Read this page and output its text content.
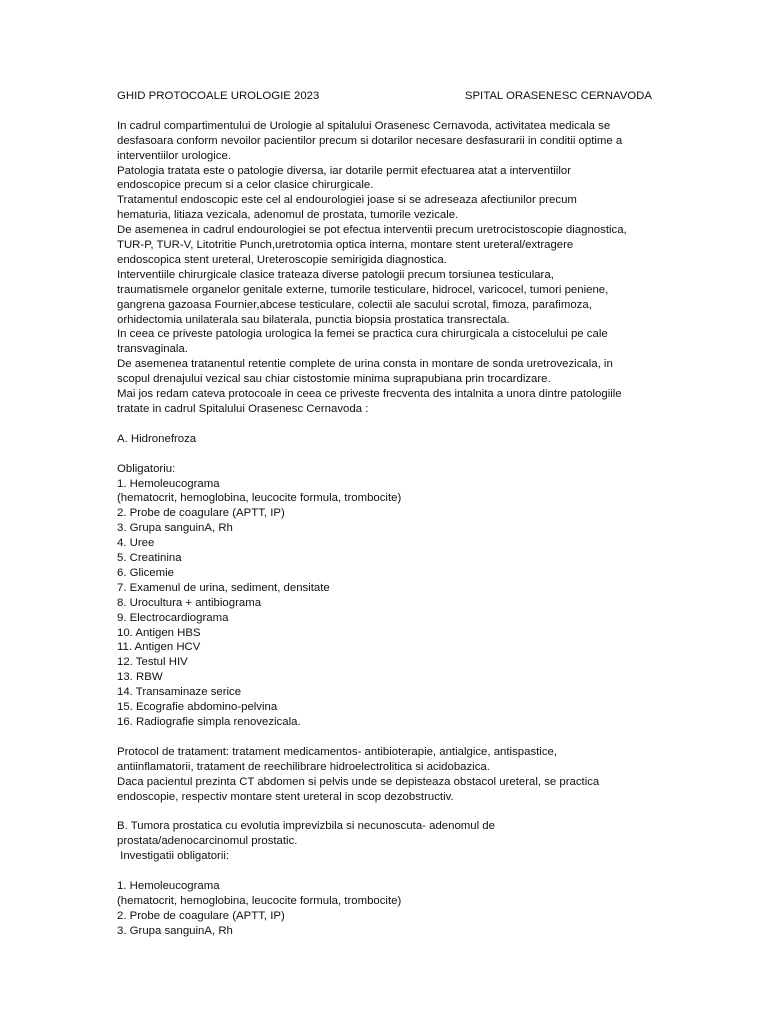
GHID PROTOCOALE UROLOGIE 2023	SPITAL ORASENESC CERNAVODA
In cadrul compartimentului de Urologie al spitalului Orasenesc Cernavoda, activitatea medicala se
desfasoara conform nevoilor pacientilor precum si dotarilor necesare desfasurarii in conditii optime a
interventiilor urologice.
Patologia tratata este o patologie diversa, iar dotarile permit efectuarea atat a interventiilor
endoscopice precum si a celor clasice chirurgicale.
Tratamentul endoscopic este cel al endourologiei joase si se adreseaza afectiunilor precum
hematuria, litiaza vezicala, adenomul de prostata, tumorile vezicale.
De asemenea in cadrul endourologiei se pot efectua interventii precum uretrocistoscopie diagnostica,
TUR-P, TUR-V, Litotritie Punch,uretrotomia optica interna, montare stent ureteral/extragere
endoscopica stent ureteral, Ureteroscopie semirigida diagnostica.
Interventiile chirurgicale clasice trateaza diverse patologii precum torsiunea testiculara,
traumatismele organelor genitale externe, tumorile testiculare, hidrocel, varicocel, tumori peniene,
gangrena gazoasa Fournier,abcese testiculare, colectii ale sacului scrotal, fimoza, parafimoza,
orhidectomia unilaterala sau bilaterala, punctia biopsia prostatica transrectala.
In ceea ce priveste patologia urologica la femei se practica cura chirurgicala a cistocelului pe cale
transvaginala.
De asemenea tratanentul retentie complete de urina consta in montare de sonda uretrovezicala, in
scopul drenajului vezical sau chiar cistostomie minima suprapubiana prin trocardizare.
Mai jos redam cateva protocoale in ceea ce priveste frecventa des intalnita a unora dintre patologiile
tratate in cadrul Spitalului Orasenesc Cernavoda :
A. Hidronefroza
Obligatoriu:
1. Hemoleucograma
(hematocrit, hemoglobina, leucocite formula, trombocite)
2. Probe de coagulare (APTT, IP)
3. Grupa sanguinA, Rh
4. Uree
5. Creatinina
6. Glicemie
7. Examenul de urina, sediment, densitate
8. Urocultura + antibiograma
9. Electrocardiograma
10. Antigen HBS
11. Antigen HCV
12. Testul HIV
13. RBW
14. Transaminaze serice
15. Ecografie abdomino-pelvina
16. Radiografie simpla renovezicala.
Protocol de tratament: tratament medicamentos- antibioterapie, antialgice, antispastice,
antiinflamatorii, tratament de reechilibrare hidroelectrolitica si acidobazica.
Daca pacientul prezinta CT abdomen si pelvis unde se depisteaza obstacol ureteral, se practica
endoscopie, respectiv montare stent ureteral in scop dezobstructiv.
B. Tumora prostatica cu evolutia imprevizbila si necunoscuta- adenomul de
prostata/adenocarcinomul prostatic.
Investigatii obligatorii:
1. Hemoleucograma
(hematocrit, hemoglobina, leucocite formula, trombocite)
2. Probe de coagulare (APTT, IP)
3. Grupa sanguinA, Rh
